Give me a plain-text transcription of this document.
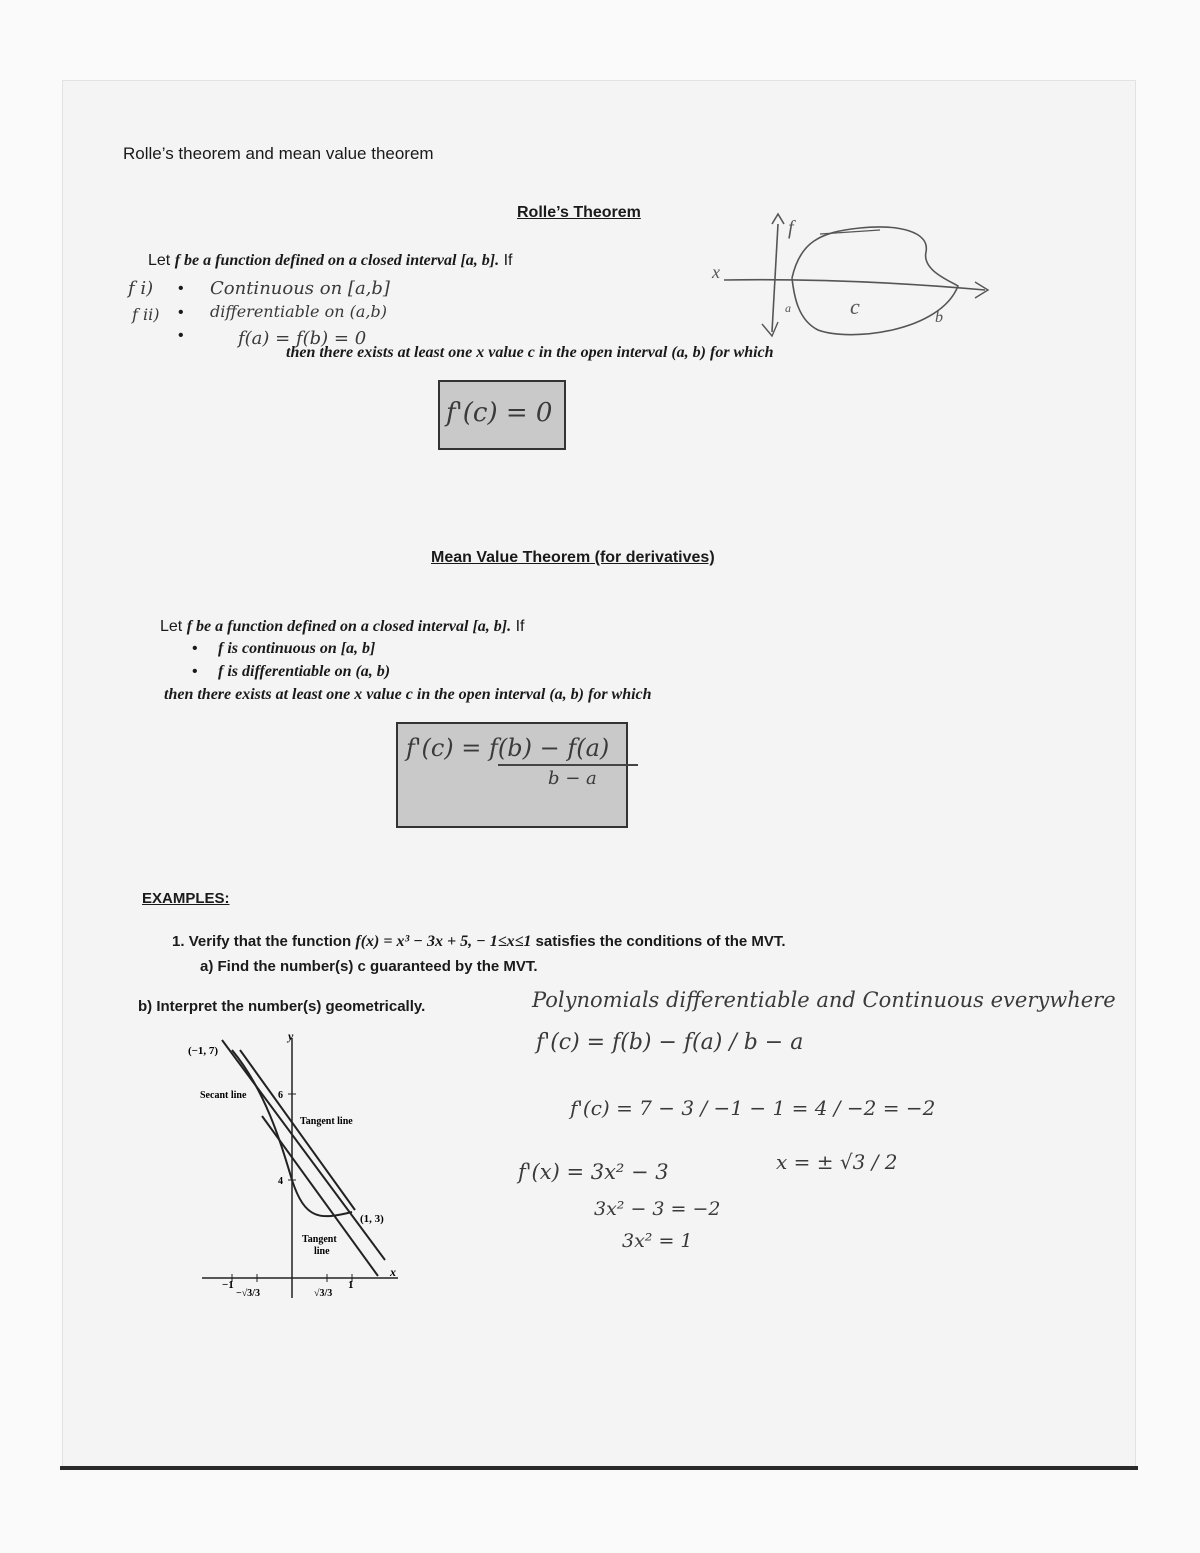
Rolle’s theorem and mean value theorem
Rolle’s Theorem
Let f be a function defined on a closed interval [a, b]. If
f i)
f ii)
•
•
•
Continuous on [a,b]
differentiable on (a,b)
f(a) = f(b) = 0
then there exists at least one x value c in the open interval (a, b) for which
f'(c) = 0
f
x
a	c	b
Mean Value Theorem (for derivatives)
Let f be a function defined on a closed interval [a, b]. If
• f is continuous on [a, b]
• f is differentiable on (a, b)
then there exists at least one x value c in the open interval (a, b) for which
f'(c) = f(b) − f(a)
b − a
EXAMPLES:
1. Verify that the function f(x) = x³ − 3x + 5, − 1≤x≤1 satisfies the conditions of the MVT.
a) Find the number(s) c guaranteed by the MVT.
b) Interpret the number(s) geometrically.	Polynomials differentiable and Continuous everywhere
f'(c) = f(b) − f(a) / b − a
f'(c) = 7 − 3 / −1 − 1 = 4 / −2 = −2
f'(x) = 3x² − 3
3x² − 3 = −2
3x² = 1
x = ± √3 / 2
y
x
(−1, 7)
(1, 3)
Secant line
Tangent line
Tangent
line
6
4
−1	1
−√3/3	√3/3
